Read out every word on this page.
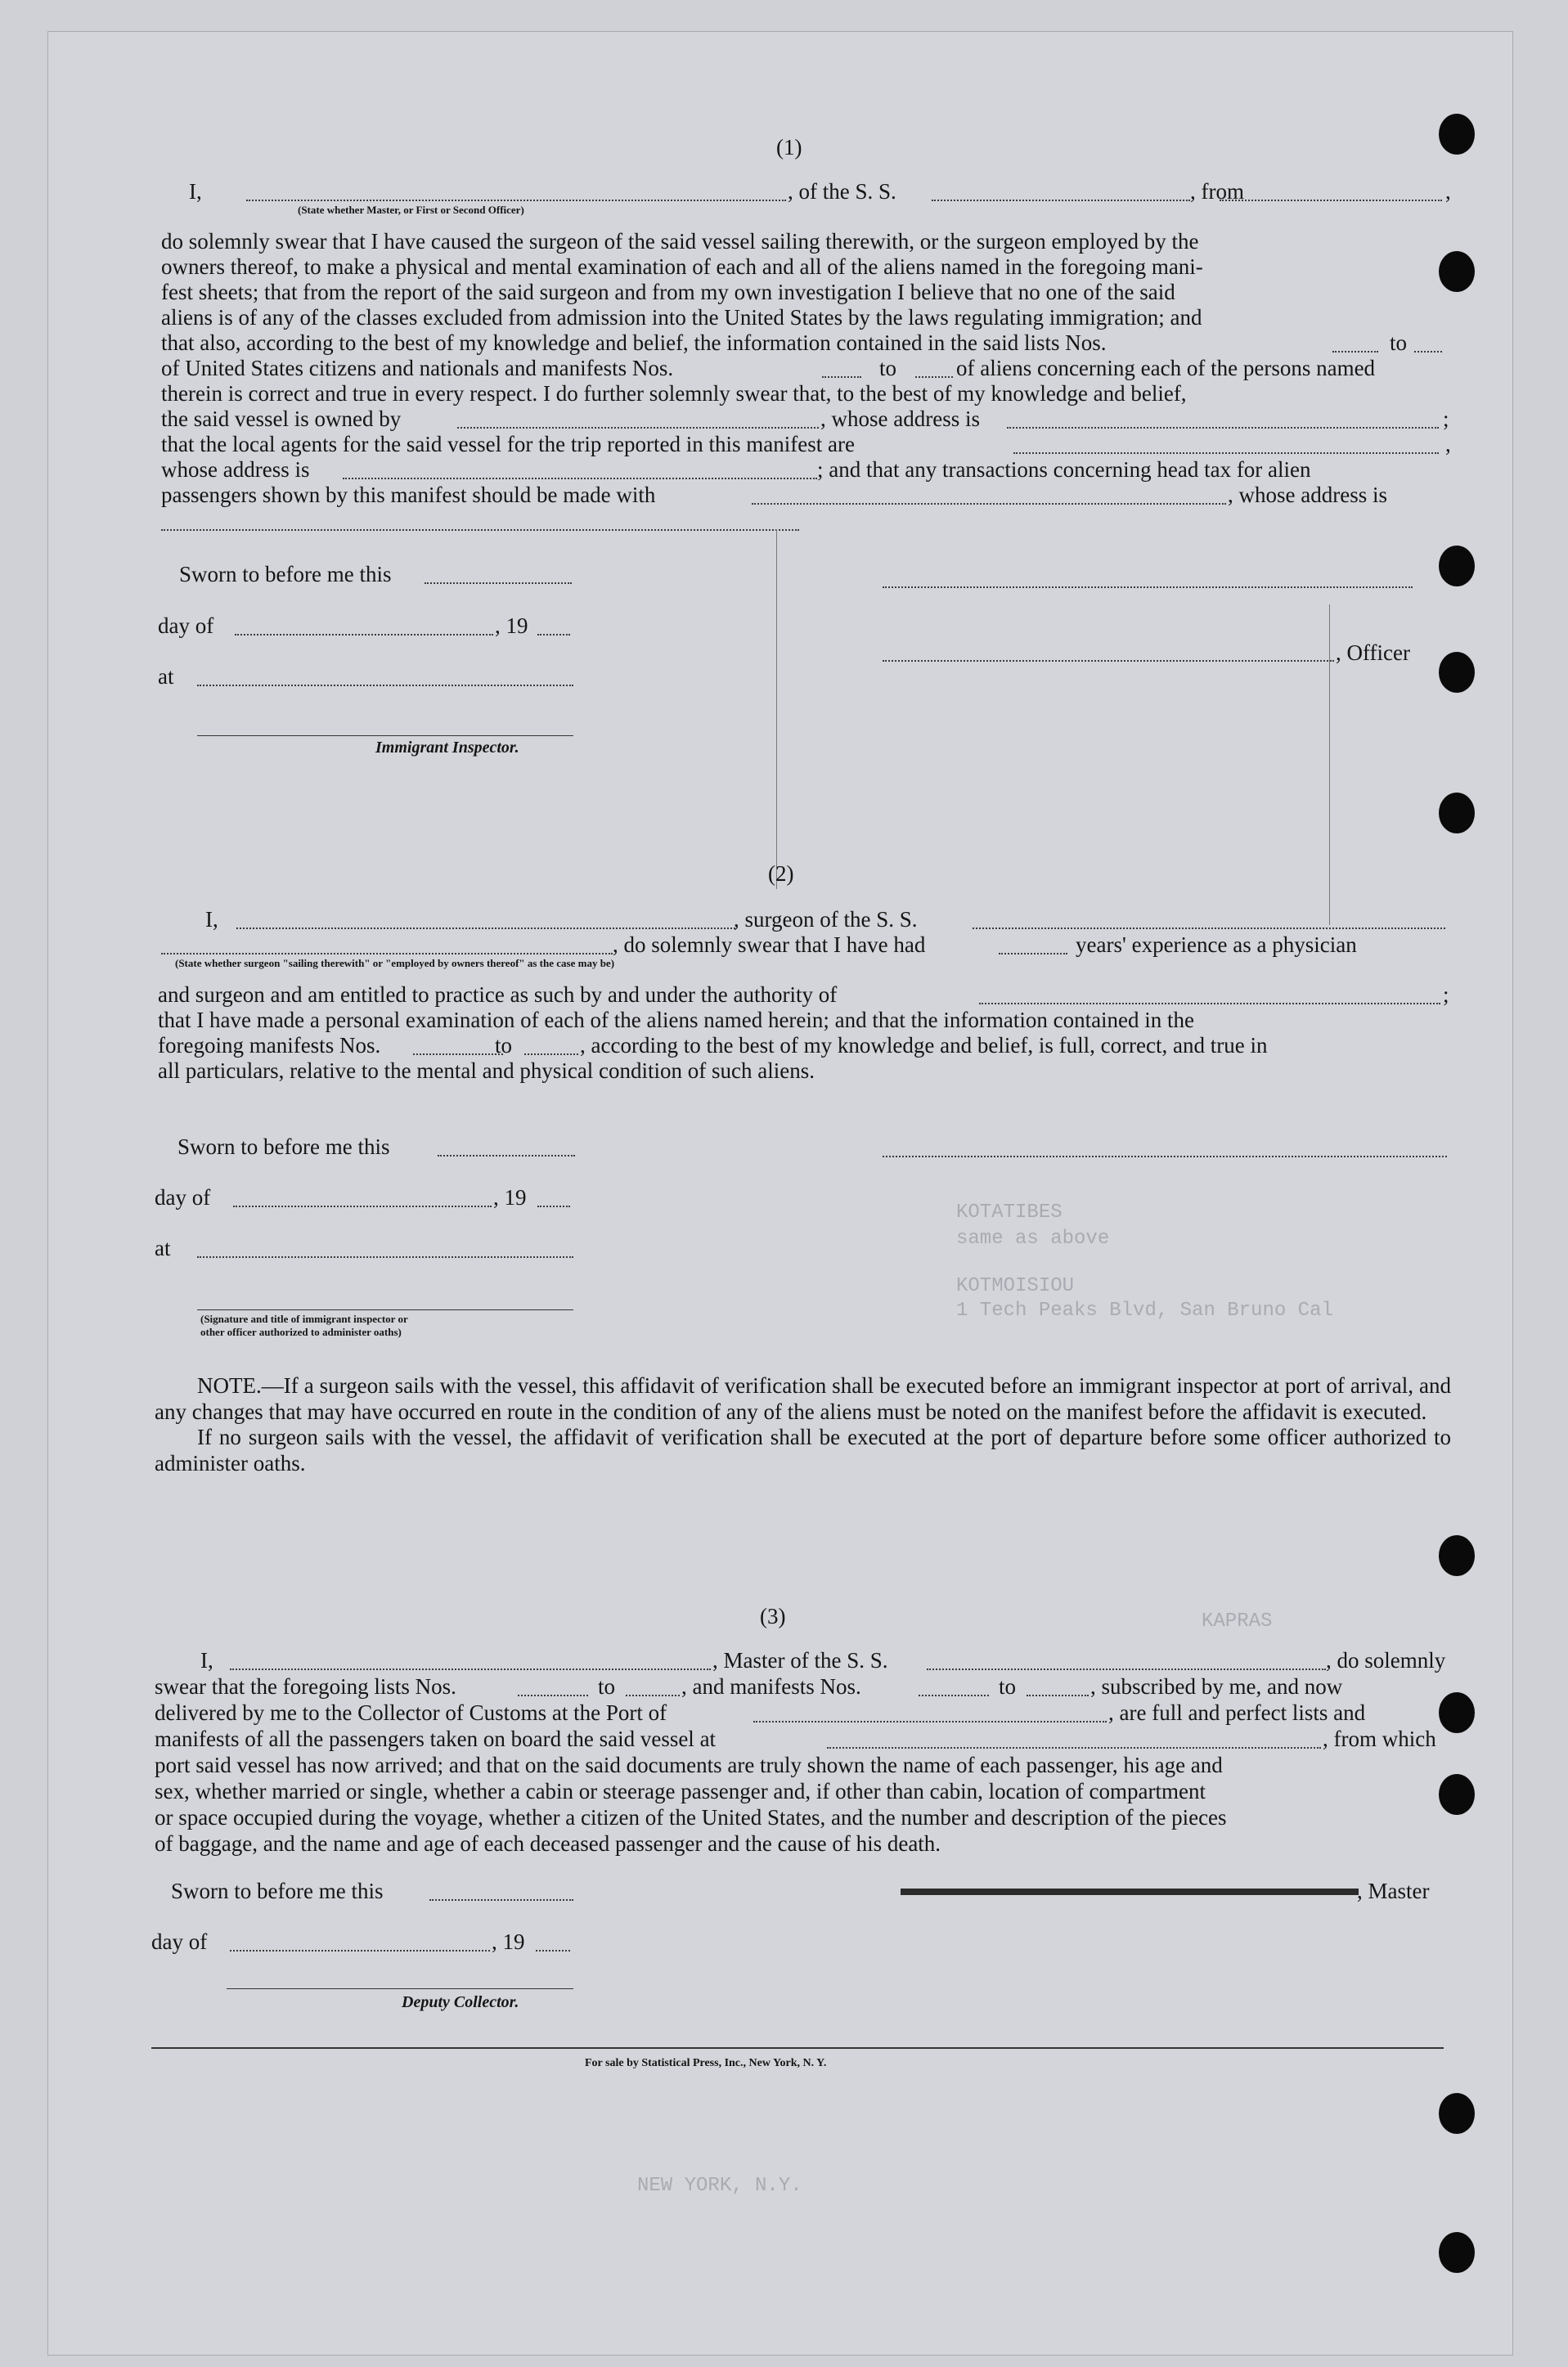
KOTATIBES
same as above
KOTMOISIOU
1 Tech Peaks Blvd, San Bruno Cal
KAPRAS
NEW YORK, N.Y.
(1)
I,
(State whether Master, or First or Second Officer)
, of the S. S.	, from	,
do solemnly swear that I have caused the surgeon of the said vessel sailing therewith, or the surgeon employed by the
owners thereof, to make a physical and mental examination of each and all of the aliens named in the foregoing mani-
fest sheets; that from the report of the said surgeon and from my own investigation I believe that no one of the said
aliens is of any of the classes excluded from admission into the United States by the laws regulating immigration; and
that also, according to the best of my knowledge and belief, the information contained in the said lists Nos.	to
of United States citizens and nationals and manifests Nos.	to	of aliens concerning each of the persons named
therein is correct and true in every respect. I do further solemnly swear that, to the best of my knowledge and belief,
the said vessel is owned by	, whose address is	;
that the local agents for the said vessel for the trip reported in this manifest are	,
whose address is	; and that any transactions concerning head tax for alien
passengers shown by this manifest should be made with	, whose address is
Sworn to before me this
day of	, 19
, Officer
at
Immigrant Inspector.
(2)
I,	, surgeon of the S. S.
(State whether surgeon "sailing therewith" or "employed by owners thereof" as the case may be)
, do solemnly swear that I have had	years' experience as a physician
and surgeon and am entitled to practice as such by and under the authority of	;
that I have made a personal examination of each of the aliens named herein; and that the information contained in the
foregoing manifests Nos.	to	, according to the best of my knowledge and belief, is full, correct, and true in
all particulars, relative to the mental and physical condition of such aliens.
Sworn to before me this
day of	, 19
at
(Signature and title of immigrant inspector or
other officer authorized to administer oaths)

NOTE.—If a surgeon sails with the vessel, this affidavit of verification shall be executed before an immigrant inspector at port of arrival, and any changes that may have occurred en route in the condition of any of the aliens must be noted on the manifest before the affidavit is executed.

If no surgeon sails with the vessel, the affidavit of verification shall be executed at the port of departure before some officer authorized to administer oaths.

(3)
I,	, Master of the S. S.	, do solemnly
swear that the foregoing lists Nos.	to	, and manifests Nos.	to	, subscribed by me, and now
delivered by me to the Collector of Customs at the Port of	, are full and perfect lists and
manifests of all the passengers taken on board the said vessel at	, from which
port said vessel has now arrived; and that on the said documents are truly shown the name of each passenger, his age and
sex, whether married or single, whether a cabin or steerage passenger and, if other than cabin, location of compartment
or space occupied during the voyage, whether a citizen of the United States, and the number and description of the pieces
of baggage, and the name and age of each deceased passenger and the cause of his death.
Sworn to before me this	, Master
day of	, 19
Deputy Collector.
For sale by Statistical Press, Inc., New York, N. Y.
